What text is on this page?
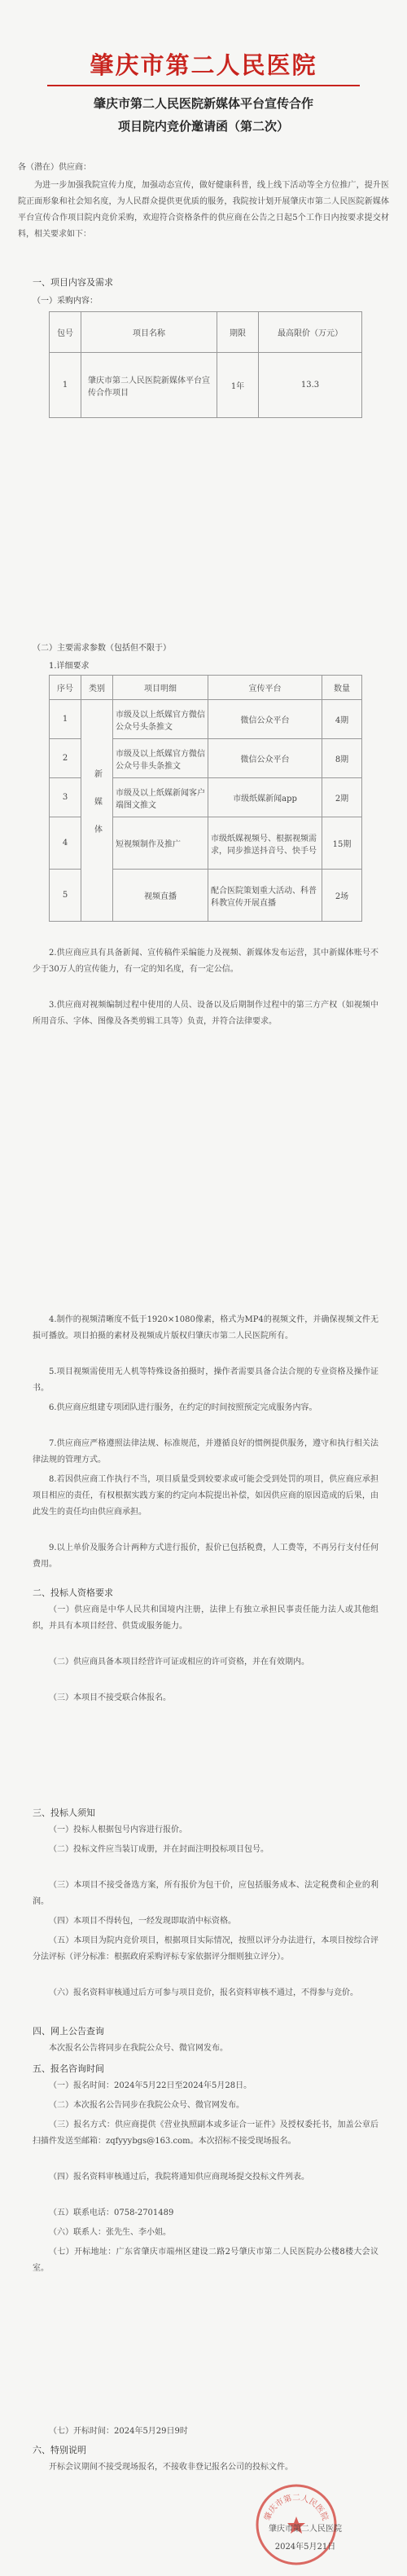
肇庆市第二人民医院
肇庆市第二人民医院新媒体平台宣传合作
项目院内竞价邀请函（第二次）
各（潜在）供应商：
为进一步加强我院宣传力度，加强动态宣传，做好健康科普，线上线下活动等全方位推广，提升医院正面形象和社会知名度，为人民群众提供更优质的服务，我院按计划开展肇庆市第二人民医院新媒体平台宣传合作项目院内竞价采购，欢迎符合资格条件的供应商在公告之日起5个工作日内按要求提交材料，相关要求如下：
一、项目内容及需求
（一）采购内容：
包号	项目名称	期限	最高限价（万元）
1	肇庆市第二人民医院新媒体平台宣传合作项目	1年	13.3
（二）主要需求参数（包括但不限于）
1.详细要求
序号	类别	项目明细	宣传平台	数量
1	新媒体	市级及以上纸媒官方微信公众号头条推文	微信公众平台	4期
2		市级及以上纸媒官方微信公众号非头条推文	微信公众平台	8期
3		市级及以上纸媒新闻客户端图文推文	市级纸媒新闻app	2期
4		短视频制作及推广	市级纸媒视频号、根据视频需求，同步推送抖音号、快手号	15期
5		视频直播	配合医院策划重大活动、科普科教宣传开展直播	2场
2.供应商应具有具备新闻、宣传稿件采编能力及视频、新媒体发布运营，其中新媒体账号不少于30万人的宣传能力，有一定的知名度，有一定公信。
3.供应商对视频编制过程中使用的人员、设备以及后期制作过程中的第三方产权（如视频中所用音乐、字体、图像及各类剪辑工具等）负责，并符合法律要求。
4.制作的视频清晰度不低于1920×1080像素，格式为MP4的视频文件，并确保视频文件无损可播放。项目拍摄的素材及视频成片版权归肇庆市第二人民医院所有。
5.项目视频需使用无人机等特殊设备拍摄时，操作者需要具备合法合规的专业资格及操作证书。
6.供应商应组建专项团队进行服务，在约定的时间按照预定完成服务内容。
7.供应商应严格遵照法律法规、标准规范，并遵循良好的惯例提供服务，遵守和执行相关法律法规的管理方式。
8.若因供应商工作执行不当，项目质量受到较要求或可能会受到处罚的项目，供应商应承担项目相应的责任，有权根据实践方案的约定向本院提出补偿，如因供应商的原因造成的后果，由此发生的责任均由供应商承担。
9.以上单价及服务合计两种方式进行报价，报价已包括税费，人工费等，不再另行支付任何费用。
二、投标人资格要求
（一）供应商是中华人民共和国境内注册，法律上有独立承担民事责任能力法人或其他组织，并具有本项目经营、供货或服务能力。
（二）供应商具备本项目经营许可证或相应的许可资格，并在有效期内。
（三）本项目不接受联合体报名。
三、投标人须知
（一）投标人根据包号内容进行报价。
（二）投标文件应当装订成册，并在封面注明投标项目包号。
（三）本项目不接受备选方案，所有报价为包干价，应包括服务成本、法定税费和企业的利润。
（四）本项目不得转包，一经发现即取消中标资格。
（五）本项目为院内竞价项目，根据项目实际情况，按照以评分办法进行，本项目按综合评分法评标（评分标准：根据政府采购评标专家依据评分细则独立评分）。
（六）报名资料审核通过后方可参与项目竞价，报名资料审核不通过，不得参与竞价。
四、网上公告查询
本次报名公告将同步在我院公众号、微官网发布。
五、报名咨询时间
（一）报名时间：2024年5月22日至2024年5月28日。
（二）本次报名公告同步在我院公众号、微官网发布。
（三）报名方式：供应商提供《营业执照副本或多证合一证件》及授权委托书，加盖公章后扫描件发送至邮箱：zqfyyybgs@163.com。本次招标不接受现场报名。
（四）报名资料审核通过后，我院将通知供应商现场提交投标文件列表。
（五）联系电话：0758-2701489
（六）联系人：张先生、李小姐。
（七）开标地址：广东省肇庆市端州区建设二路2号肇庆市第二人民医院办公楼8楼大会议室。
（七）开标时间：2024年5月29日9时
六、特别说明
开标会议期间不接受现场报名，不接收非登记报名公司的投标文件。
肇庆市第二人民医院
肇庆市第二人民医院
2024年5月21日
